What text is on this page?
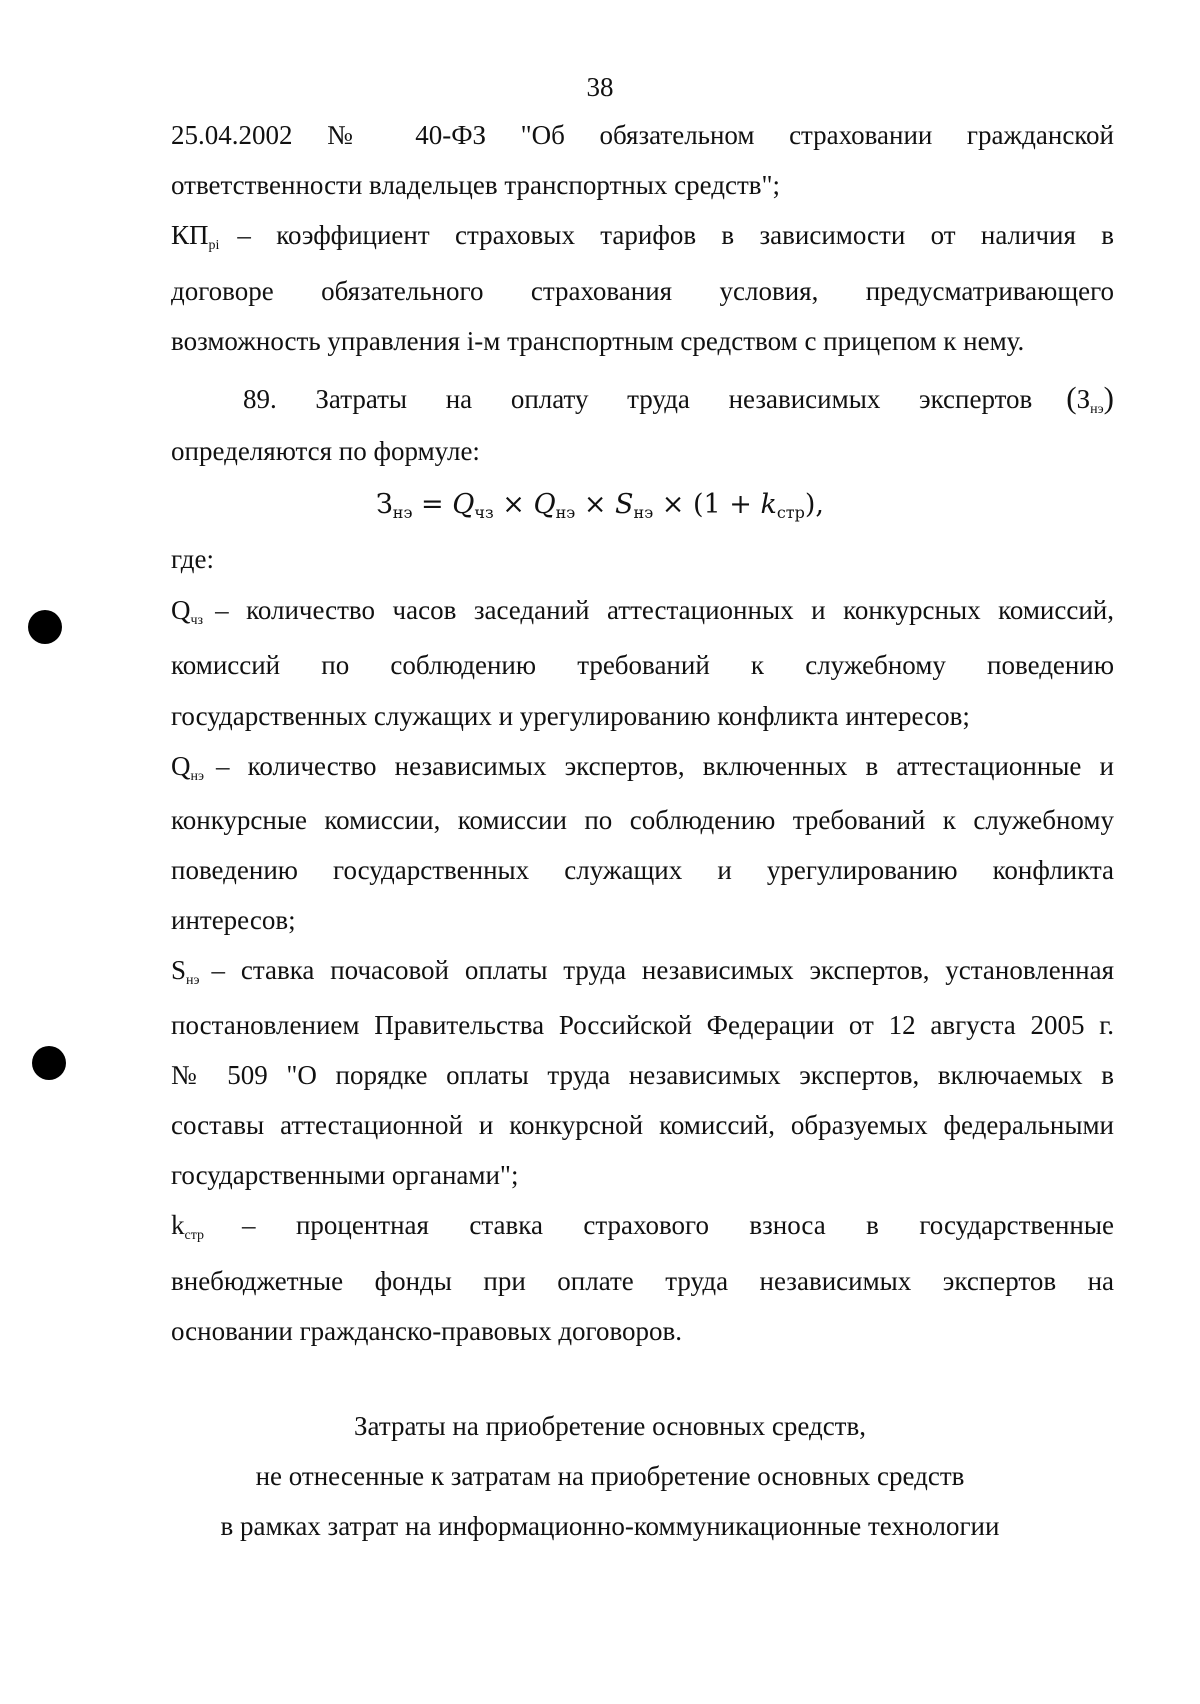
38
25.04.2002 № 40-ФЗ "Об обязательном страховании гражданской
ответственности владельцев транспортных средств";
$КП_{pi}$ – коэффициент страховых тарифов в зависимости от наличия в
договоре обязательного страхования условия, предусматривающего
возможность управления i-м транспортным средством с прицепом к нему.
89. Затраты на оплату труда независимых экспертов $(З_{нэ})$
определяются по формуле:
$З_{нэ} = Q_{чз} \times Q_{нэ} \times S_{нэ} \times (1 + k_{стр})$,
где:
$Q_{чз}$ – количество часов заседаний аттестационных и конкурсных комиссий,
комиссий по соблюдению требований к служебному поведению
государственных служащих и урегулированию конфликта интересов;
$Q_{нэ}$ – количество независимых экспертов, включенных в аттестационные и
конкурсные комиссии, комиссии по соблюдению требований к служебному
поведению государственных служащих и урегулированию конфликта
интересов;
$S_{нэ}$ – ставка почасовой оплаты труда независимых экспертов, установленная
постановлением Правительства Российской Федерации от 12 августа 2005 г.
№ 509 "О порядке оплаты труда независимых экспертов, включаемых в
составы аттестационной и конкурсной комиссий, образуемых федеральными
государственными органами";
$k_{стр}$ – процентная ставка страхового взноса в государственные
внебюджетные фонды при оплате труда независимых экспертов на
основании гражданско-правовых договоров.
Затраты на приобретение основных средств,
не отнесенные к затратам на приобретение основных средств
в рамках затрат на информационно-коммуникационные технологии
